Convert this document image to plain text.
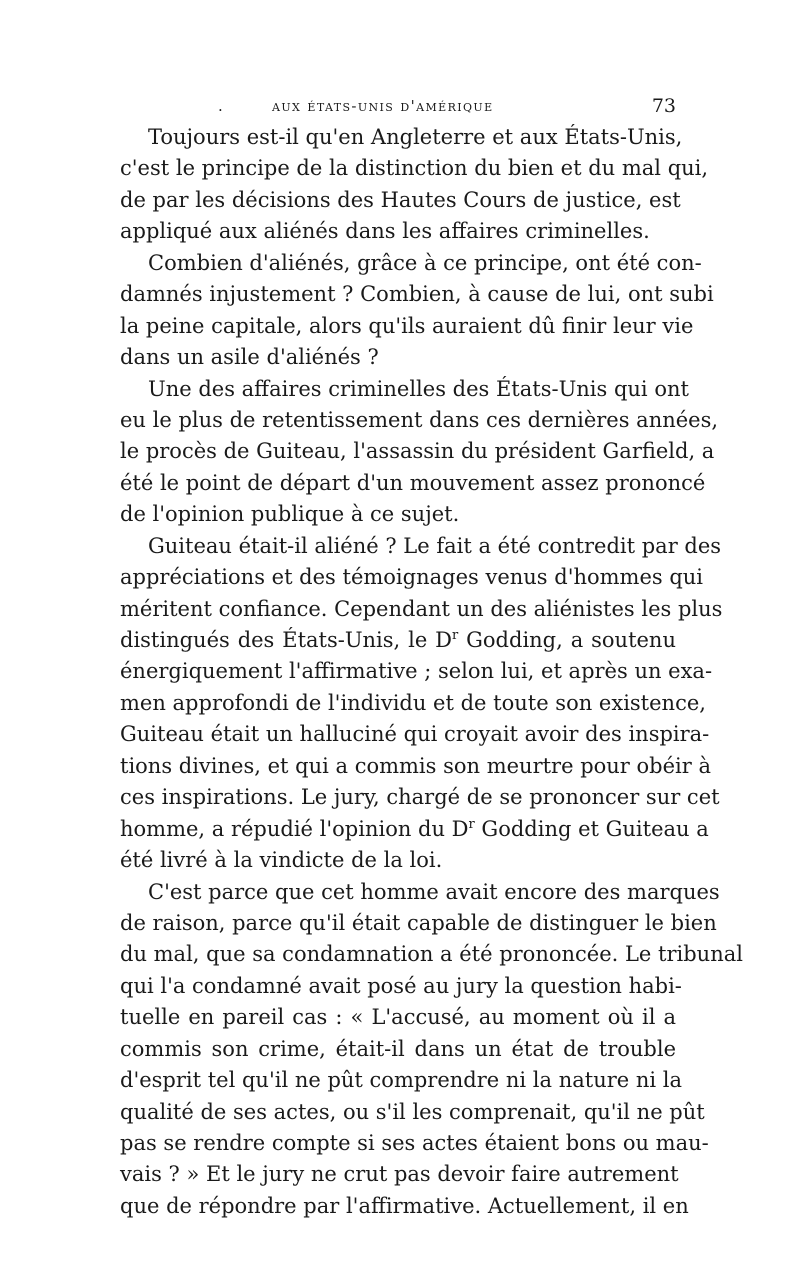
.	aux états-unis d'amérique	73
Toujours est-il qu'en Angleterre et aux États-Unis,
c'est le principe de la distinction du bien et du mal qui,
de par les décisions des Hautes Cours de justice, est
appliqué aux aliénés dans les affaires criminelles.
Combien d'aliénés, grâce à ce principe, ont été con-
damnés injustement ? Combien, à cause de lui, ont subi
la peine capitale, alors qu'ils auraient dû finir leur vie
dans un asile d'aliénés ?
Une des affaires criminelles des États-Unis qui ont
eu le plus de retentissement dans ces dernières années,
le procès de Guiteau, l'assassin du président Garfield, a
été le point de départ d'un mouvement assez prononcé
de l'opinion publique à ce sujet.
Guiteau était-il aliéné ? Le fait a été contredit par des
appréciations et des témoignages venus d'hommes qui
méritent confiance. Cependant un des aliénistes les plus
distingués des États-Unis, le $D^r$ Godding, a soutenu
énergiquement l'affirmative ; selon lui, et après un exa-
men approfondi de l'individu et de toute son existence,
Guiteau était un halluciné qui croyait avoir des inspira-
tions divines, et qui a commis son meurtre pour obéir à
ces inspirations. Le jury, chargé de se prononcer sur cet
homme, a répudié l'opinion du $D^r$ Godding et Guiteau a
été livré à la vindicte de la loi.
C'est parce que cet homme avait encore des marques
de raison, parce qu'il était capable de distinguer le bien
du mal, que sa condamnation a été prononcée. Le tribunal
qui l'a condamné avait posé au jury la question habi-
tuelle en pareil cas : « L'accusé, au moment où il a
commis son crime, était-il dans un état de trouble
d'esprit tel qu'il ne pût comprendre ni la nature ni la
qualité de ses actes, ou s'il les comprenait, qu'il ne pût
pas se rendre compte si ses actes étaient bons ou mau-
vais ? » Et le jury ne crut pas devoir faire autrement
que de répondre par l'affirmative. Actuellement, il en
